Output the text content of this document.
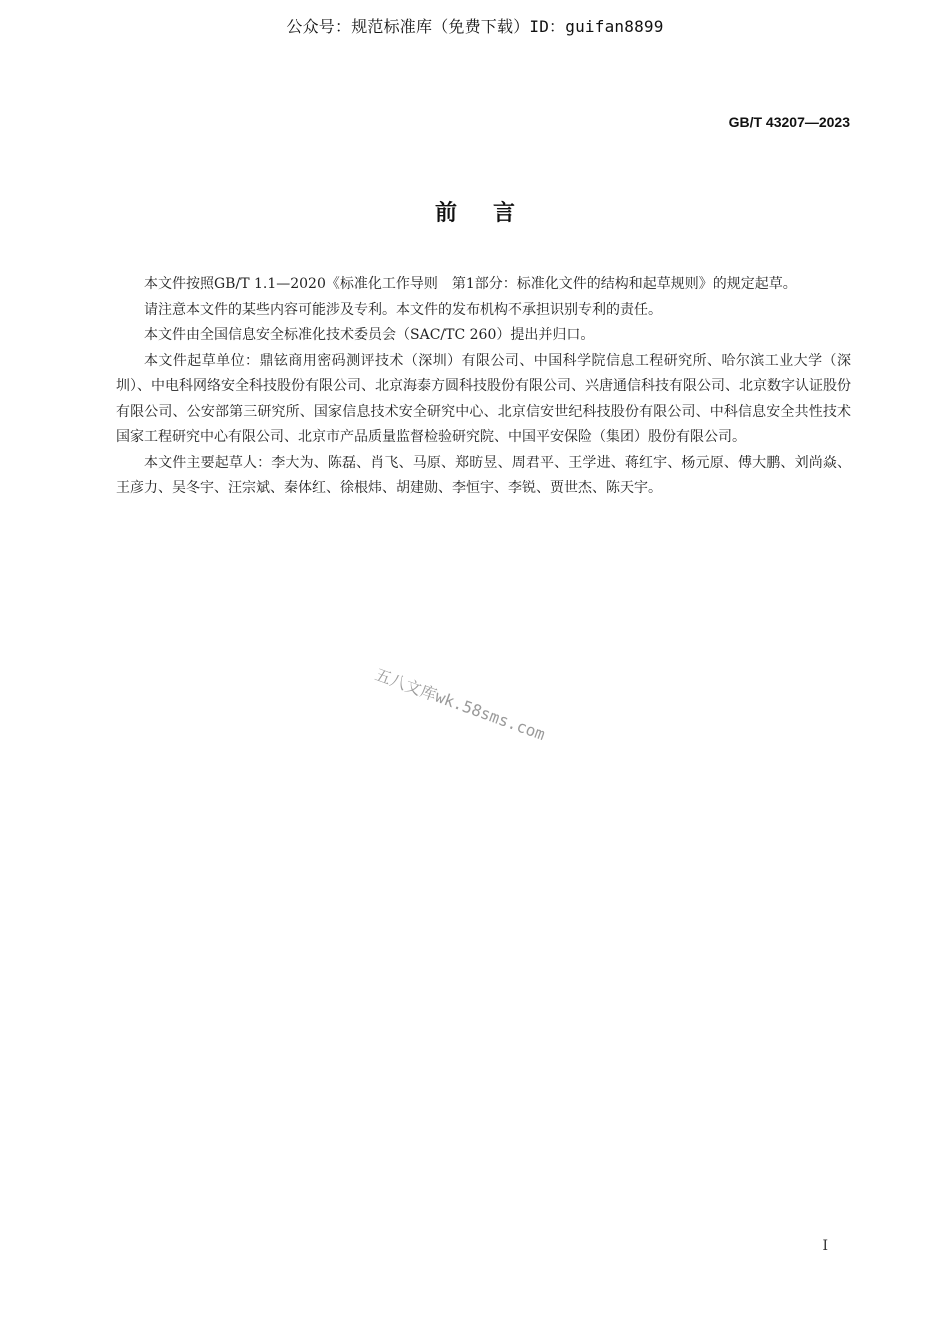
公众号：规范标准库（免费下载）ID：guifan8899
GB/T 43207—2023
前言

本文件按照GB/T 1.1—2020《标准化工作导则　第1部分：标准化文件的结构和起草规则》的规定起草。

请注意本文件的某些内容可能涉及专利。本文件的发布机构不承担识别专利的责任。

本文件由全国信息安全标准化技术委员会（SAC/TC 260）提出并归口。

本文件起草单位：鼎铉商用密码测评技术（深圳）有限公司、中国科学院信息工程研究所、哈尔滨工业大学（深圳）、中电科网络安全科技股份有限公司、北京海泰方圆科技股份有限公司、兴唐通信科技有限公司、北京数字认证股份有限公司、公安部第三研究所、国家信息技术安全研究中心、北京信安世纪科技股份有限公司、中科信息安全共性技术国家工程研究中心有限公司、北京市产品质量监督检验研究院、中国平安保险（集团）股份有限公司。

本文件主要起草人：李大为、陈磊、肖飞、马原、郑昉昱、周君平、王学进、蒋红宇、杨元原、傅大鹏、刘尚焱、王彦力、吴冬宇、汪宗斌、秦体红、徐根炜、胡建勋、李恒宇、李锐、贾世杰、陈天宇。

五八文库wk.58sms.com
I
